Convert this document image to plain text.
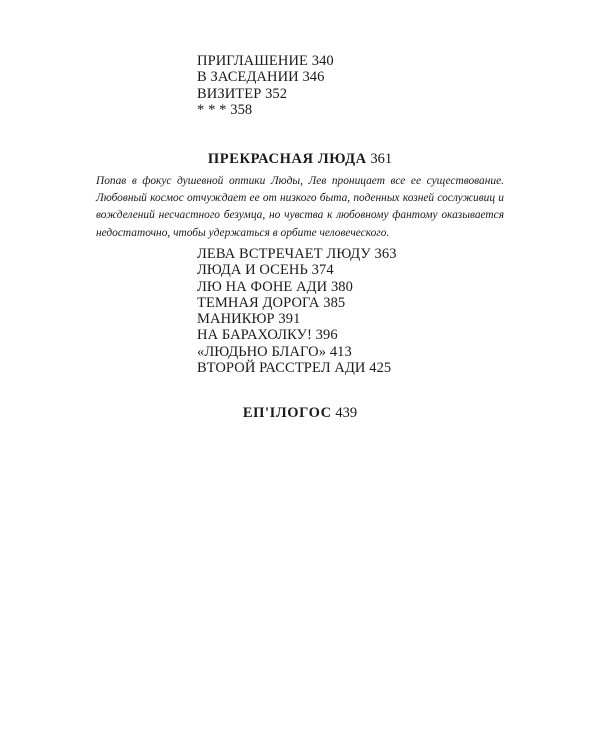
ПРИГЛАШЕНИЕ 340
В ЗАСЕДАНИИ 346
ВИЗИТЕР 352
* * * 358
ПРЕКРАСНАЯ ЛЮДА 361
Попав в фокус душевной оптики Люды, Лев проницает все ее существование. Любовный космос отчуждает ее от низкого быта, поденных козней сослуживиц и вожделений несчастного безумца, но чувства к любовному фантому оказывается недостаточно, чтобы удержаться в орбите человеческого.
ЛЕВА ВСТРЕЧАЕТ ЛЮДУ 363
ЛЮДА И ОСЕНЬ 374
ЛЮ НА ФОНЕ АДИ 380
ТЕМНАЯ ДОРОГА 385
МАНИКЮР 391
НА БАРАХОЛКУ! 396
«ЛЮДЬНО БЛАГО» 413
ВТОРОЙ РАССТРЕЛ АДИ 425
ЕП'ІЛОГОС 439
